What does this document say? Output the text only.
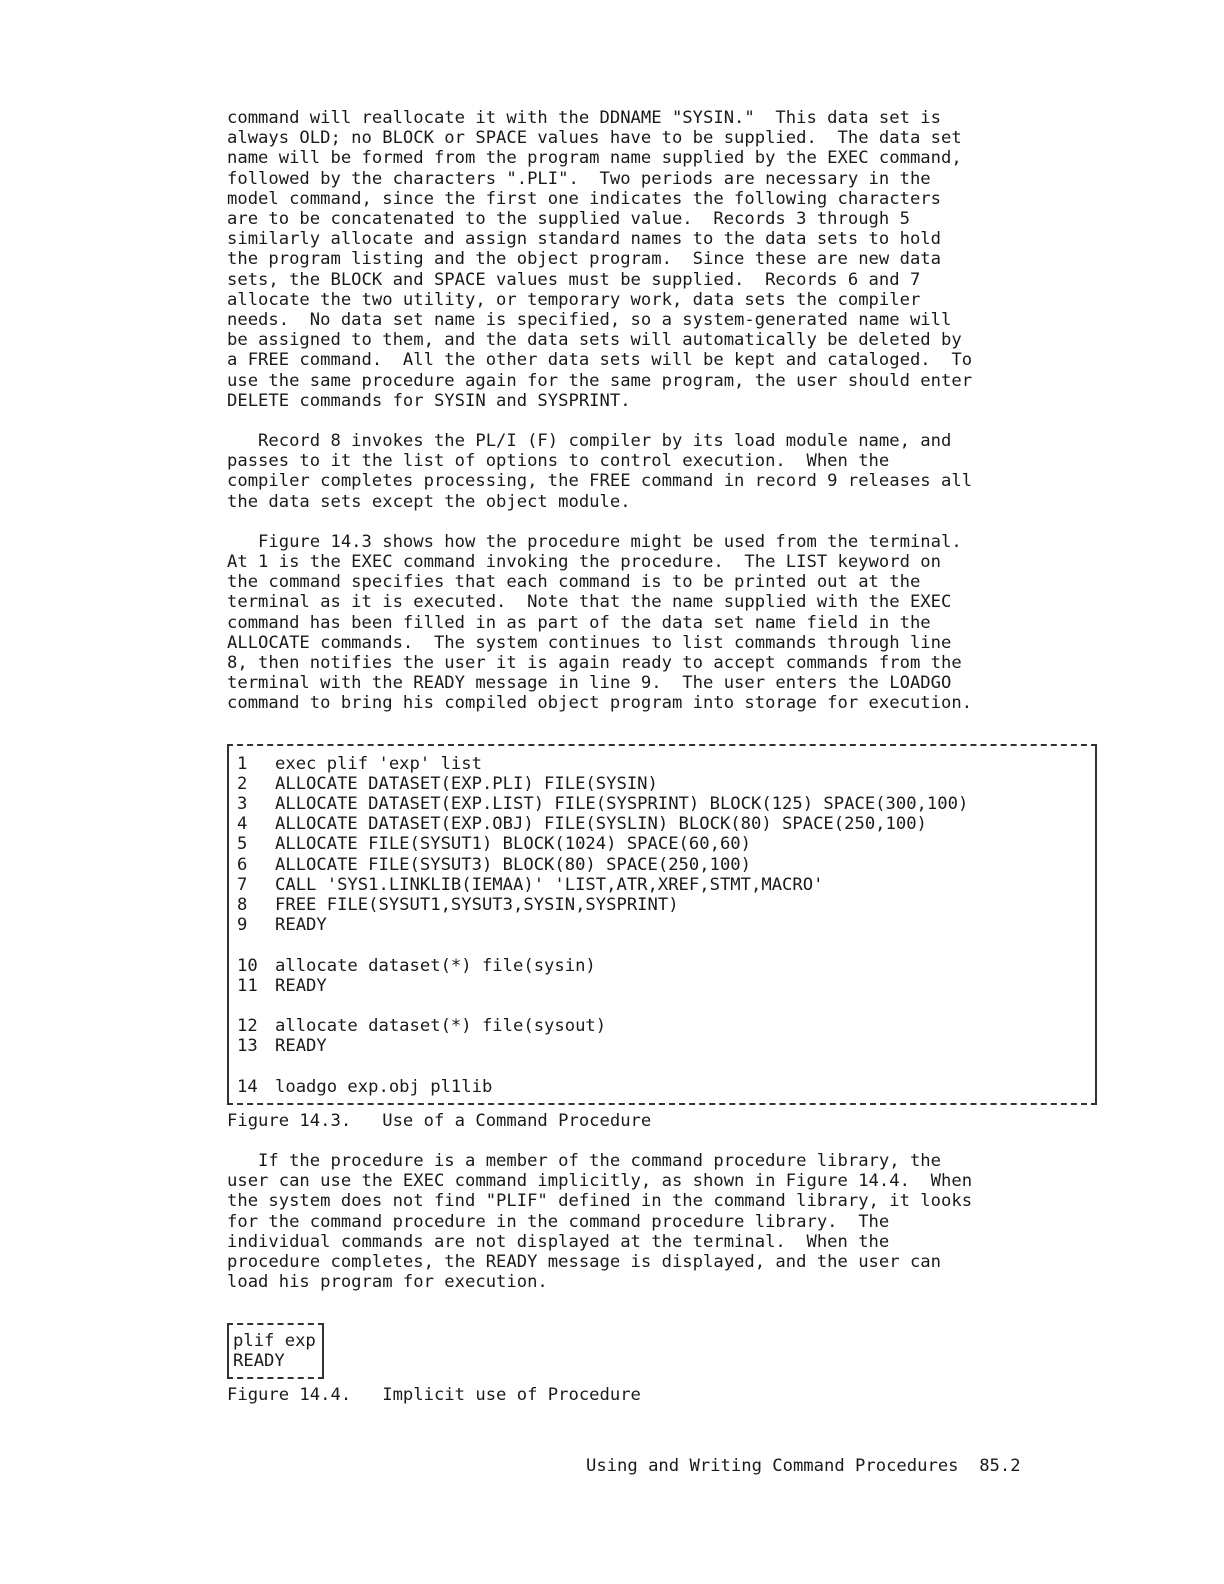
command will reallocate it with the DDNAME "SYSIN."  This data set is
always OLD; no BLOCK or SPACE values have to be supplied.  The data set
name will be formed from the program name supplied by the EXEC command,
followed by the characters ".PLI".  Two periods are necessary in the
model command, since the first one indicates the following characters
are to be concatenated to the supplied value.  Records 3 through 5
similarly allocate and assign standard names to the data sets to hold
the program listing and the object program.  Since these are new data
sets, the BLOCK and SPACE values must be supplied.  Records 6 and 7
allocate the two utility, or temporary work, data sets the compiler
needs.  No data set name is specified, so a system-generated name will
be assigned to them, and the data sets will automatically be deleted by
a FREE command.  All the other data sets will be kept and cataloged.  To
use the same procedure again for the same program, the user should enter
DELETE commands for SYSIN and SYSPRINT.

Record 8 invokes the PL/I (F) compiler by its load module name, and
passes to it the list of options to control execution.  When the
compiler completes processing, the FREE command in record 9 releases all
the data sets except the object module.

Figure 14.3 shows how the procedure might be used from the terminal.
At 1 is the EXEC command invoking the procedure.  The LIST keyword on
the command specifies that each command is to be printed out at the
terminal as it is executed.  Note that the name supplied with the EXEC
command has been filled in as part of the data set name field in the
ALLOCATE commands.  The system continues to list commands through line
8, then notifies the user it is again ready to accept commands from the
terminal with the READY message in line 9.  The user enters the LOADGO
command to bring his compiled object program into storage for execution.

1 exec plif 'exp' list
2 ALLOCATE DATASET(EXP.PLI) FILE(SYSIN)
3 ALLOCATE DATASET(EXP.LIST) FILE(SYSPRINT) BLOCK(125) SPACE(300,100)
4 ALLOCATE DATASET(EXP.OBJ) FILE(SYSLIN) BLOCK(80) SPACE(250,100)
5 ALLOCATE FILE(SYSUT1) BLOCK(1024) SPACE(60,60)
6 ALLOCATE FILE(SYSUT3) BLOCK(80) SPACE(250,100)
7 CALL 'SYS1.LINKLIB(IEMAA)' 'LIST,ATR,XREF,STMT,MACRO'
8 FREE FILE(SYSUT1,SYSUT3,SYSIN,SYSPRINT)
9 READY
10 allocate dataset(*) file(sysin)
11 READY
12 allocate dataset(*) file(sysout)
13 READY
14 loadgo exp.obj pl1lib
Figure 14.3.   Use of a Command Procedure

If the procedure is a member of the command procedure library, the
user can use the EXEC command implicitly, as shown in Figure 14.4.  When
the system does not find "PLIF" defined in the command library, it looks
for the command procedure in the command procedure library.  The
individual commands are not displayed at the terminal.  When the
procedure completes, the READY message is displayed, and the user can
load his program for execution.

plif exp
READY
Figure 14.4.   Implicit use of Procedure
Using and Writing Command Procedures  85.2
